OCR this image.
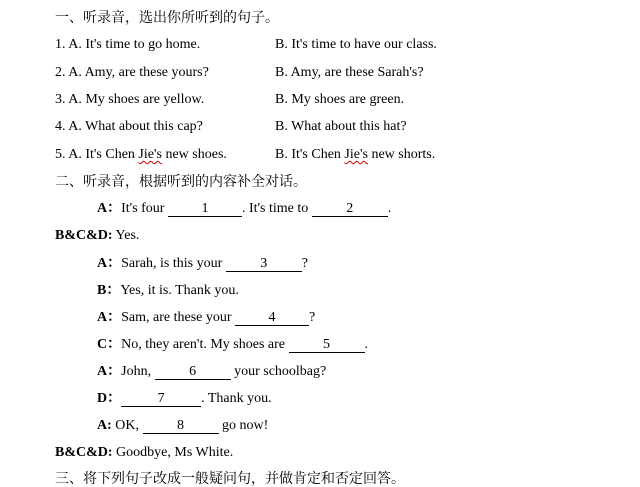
一、听录音，选出你所听到的句子。
1. A. It's time to go home.	B. It's time to have our class.
2. A. Amy, are these yours?	B. Amy, are these Sarah's?
3. A. My shoes are yellow.	B. My shoes are green.
4. A. What about this cap?	B. What about this hat?
5. A. It's Chen Jie's new shoes.	B. It's Chen Jie's new shorts.
二、听录音，根据听到的内容补全对话。
A：It's four 1 . It's time to 2 .
B&C&D: Yes.
A：Sarah, is this your 3 ?
B：Yes, it is. Thank you.
A：Sam, are these your 4 ?
C：No, they aren't. My shoes are 5 .
A：John, 6 your schoolbag?
D：	7	. Thank you.
A: OK, 8 go now!
B&C&D: Goodbye, Ms White.
三、将下列句子改成一般疑问句，并做肯定和否定回答。
